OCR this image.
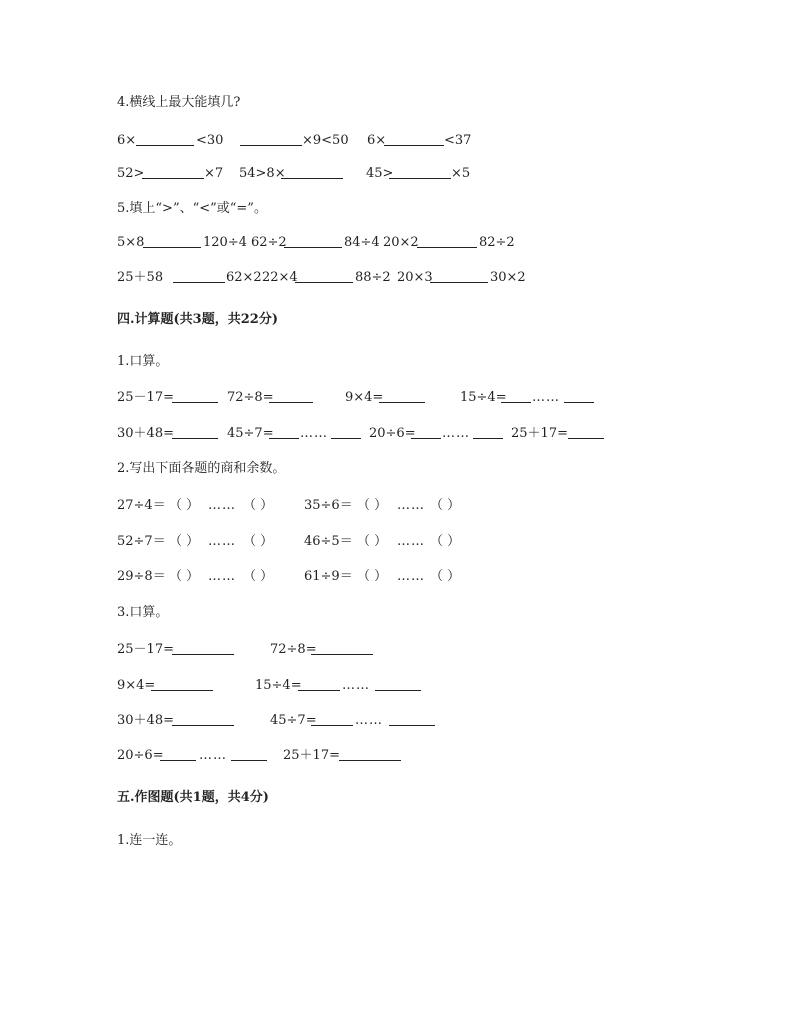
4.横线上最大能填几?
6×	<30	×9<50 6×	<37
52>	×7 54>8×	45>	×5
5.填上“>”、“<”或“=”。
5×8	120÷4 62÷2	84÷4 20×2	82÷2
25＋58	62×2 22×4	88÷2 20×3	30×2
四.计算题(共3题，共22分)
1.口算。
25－17=	72÷8=	9×4=	15÷4= ……
30＋48=	45÷7= ……	20÷6= ……	25＋17=
2.写出下面各题的商和余数。
27÷4＝ （ ） …… （ ） 35÷6＝ （ ） …… （ ）
52÷7＝ （ ） …… （ ） 46÷5＝ （ ） …… （ ）
29÷8＝ （ ） …… （ ） 61÷9＝ （ ） …… （ ）
3.口算。
25－17=	72÷8=
9×4=	15÷4=	……
30＋48=	45÷7=	……
20÷6=	……	25＋17=
五.作图题(共1题，共4分)
1.连一连。
